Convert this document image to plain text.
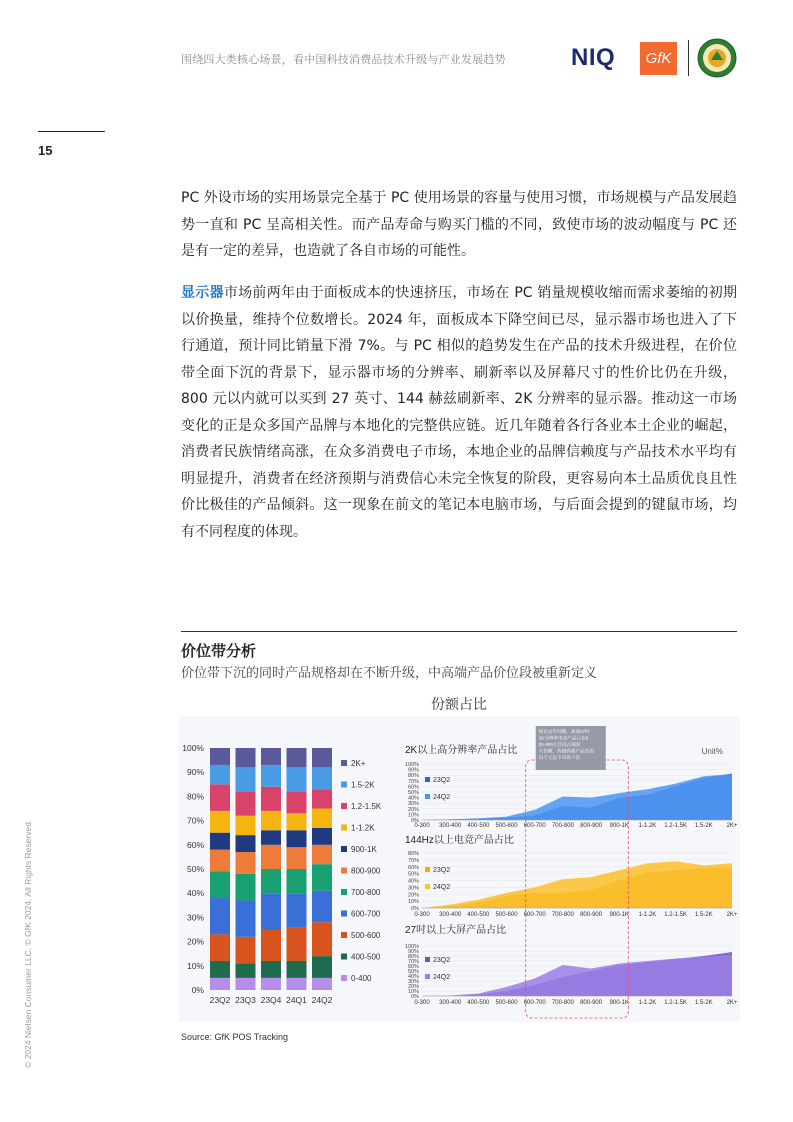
围绕四大类核心场景，看中国科技消费品技术升级与产业发展趋势	NIQ	GfK
15
© 2024 Nielsen Consumer LLC. © GfK 2024. All Rights Reserved.
PC 外设市场的实用场景完全基于 PC 使用场景的容量与使用习惯，市场规模与产品发展趋势一直和 PC 呈高相关性。而产品寿命与购买门槛的不同，致使市场的波动幅度与 PC 还是有一定的差异，也造就了各自市场的可能性。
显示器市场前两年由于面板成本的快速挤压，市场在 PC 销量规模收缩而需求萎缩的初期以价换量，维持个位数增长。2024 年，面板成本下降空间已尽，显示器市场也进入了下行通道，预计同比销量下滑 7%。与 PC 相似的趋势发生在产品的技术升级进程，在价位带全面下沉的背景下，显示器市场的分辨率、刷新率以及屏幕尺寸的性价比仍在升级，800 元以内就可以买到 27 英寸、144 赫兹刷新率、2K 分辨率的显示器。推动这一市场变化的正是众多国产品牌与本地化的完整供应链。近几年随着各行各业本土企业的崛起，消费者民族情绪高涨，在众多消费电子市场，本地企业的品牌信赖度与产品技术水平均有明显提升，消费者在经济预期与消费信心未完全恢复的阶段，更容易向本土品质优良且性价比极佳的产品倾斜。这一现象在前文的笔记本电脑市场，与后面会提到的键鼠市场，均有不同程度的体现。
价位带分析
价位带下沉的同时产品规格却在不断升级，中高端产品价位段被重新定义
份额占比
0%
10%
20%
30%
40%
50%
60%
70%
80%
90%
100%
23Q2 23Q3 23Q4 24Q1 24Q2
2K+
1.5-2K
1.2-1.5K
1-1.2K
900-1K
800-900
700-800
600-700
500-600
400-500
0-400
2K以上高分辨率产品占比
0%
10%
20%
30%
40%
50%
60%
70%
80%
90%
100%
0-300 300-400 400-500 500-600 600-700 700-800 800-900 900-1K 1-1.2K 1.2-1.5K 1.5-2K 2K+
23Q2
24Q2
Unit%
144Hz以上电竞产品占比
0%
10%
20%
30%
40%
50%
60%
70%
80%
0-300 300-400 400-500 500-600 600-700 700-800 800-900 900-1K 1-1.2K 1.2-1.5K 1.5-2K 2K+
23Q2
24Q2
27吋以上大屏产品占比
0%
10%
20%
30%
40%
50%
60%
70%
80%
90%
100%
0-300 300-400 400-500 500-600 600-700 700-800 800-900 900-1K 1-1.2K 1.2-1.5K 1.5-2K 2K+
23Q2
24Q2
相比去年同期，高端27吋
2K分辨率电竞产品已在6
00-800元区间占领较
大份额，传统高端产品全面
向千元以下市场下沉
Source: GfK POS Tracking
